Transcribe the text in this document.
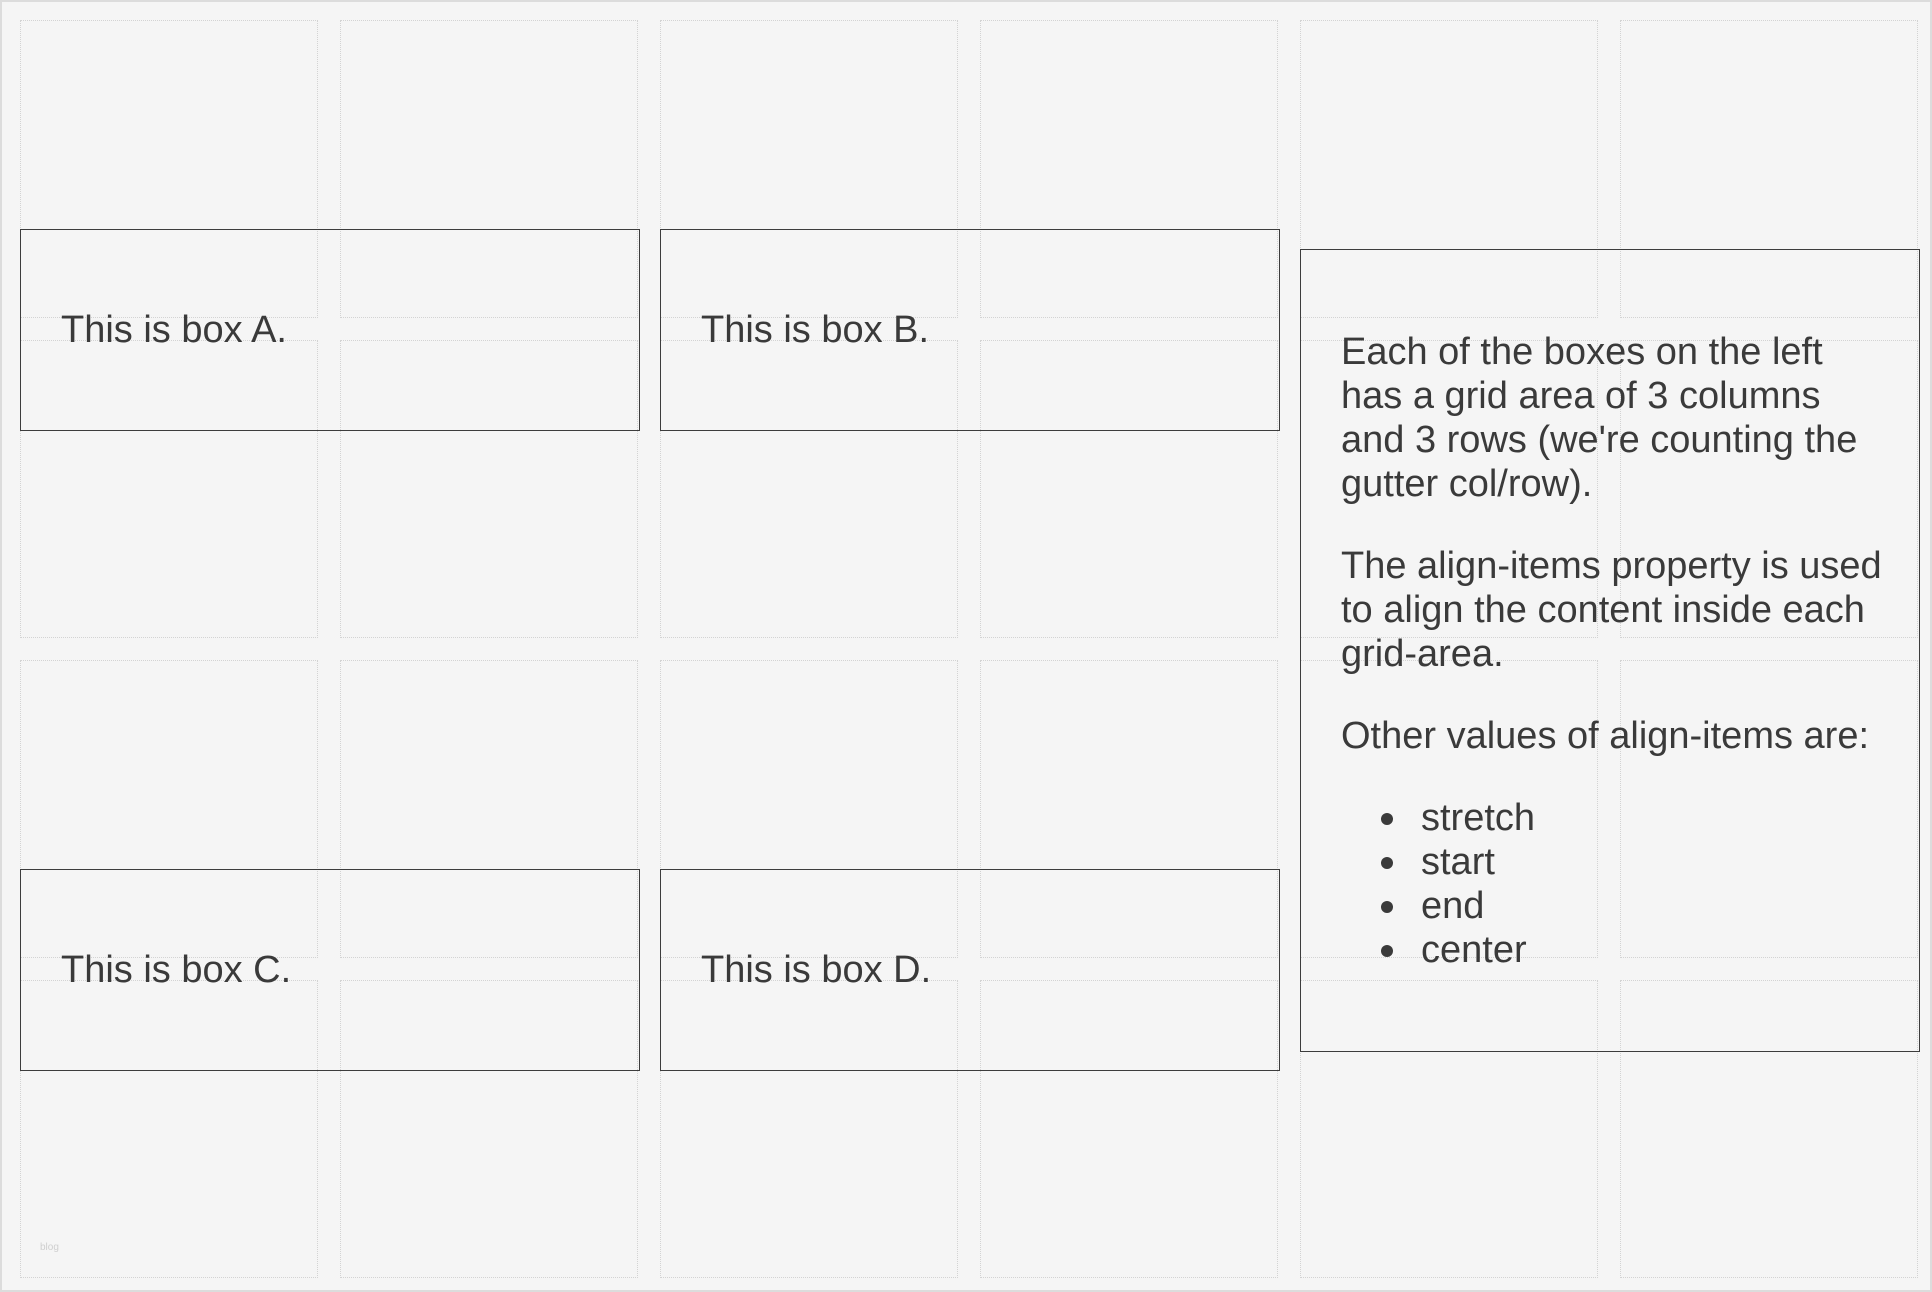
This is box A.	This is box B.
This is box C.	This is box D.

Each of the boxes on the left has a grid area of 3 columns and 3 rows (we're counting the gutter col/row).

The align-items property is used to align the content inside each grid-area.

Other values of align-items are:

stretch
start
end
center
blog
